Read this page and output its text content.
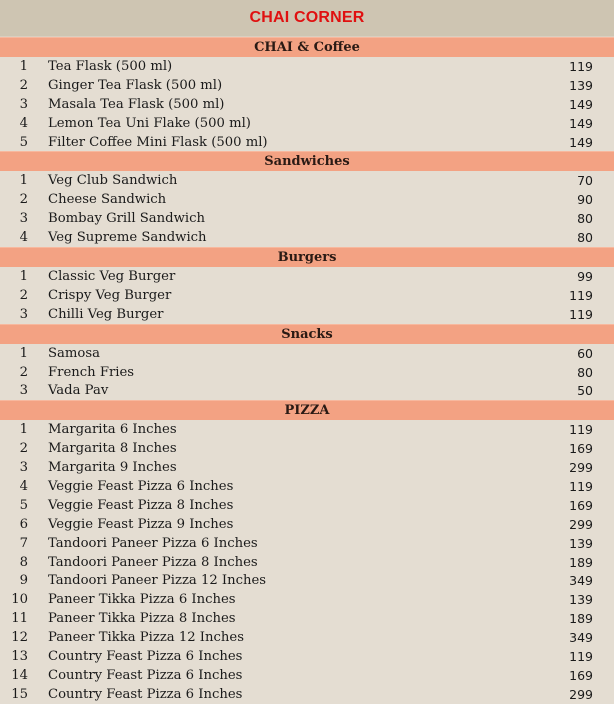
CHAI CORNER
CHAI & Coffee
1	Tea Flask (500 ml)	119
2	Ginger Tea Flask (500 ml)	139
3	Masala Tea Flask (500 ml)	149
4	Lemon Tea Uni Flake (500 ml)	149
5	Filter Coffee Mini Flask (500 ml)	149
Sandwiches
1	Veg Club Sandwich	70
2	Cheese Sandwich	90
3	Bombay Grill Sandwich	80
4	Veg Supreme Sandwich	80
Burgers
1	Classic Veg Burger	99
2	Crispy Veg Burger	119
3	Chilli Veg Burger	119
Snacks
1	Samosa	60
2	French Fries	80
3	Vada Pav	50
PIZZA
1	Margarita 6 Inches	119
2	Margarita 8 Inches	169
3	Margarita 9 Inches	299
4	Veggie Feast Pizza 6 Inches	119
5	Veggie Feast Pizza 8 Inches	169
6	Veggie Feast Pizza 9 Inches	299
7	Tandoori Paneer Pizza 6 Inches	139
8	Tandoori Paneer Pizza 8 Inches	189
9	Tandoori Paneer Pizza 12 Inches	349
10	Paneer Tikka Pizza 6 Inches	139
11	Paneer Tikka Pizza 8 Inches	189
12	Paneer Tikka Pizza 12 Inches	349
13	Country Feast Pizza 6 Inches	119
14	Country Feast Pizza 6 Inches	169
15	Country Feast Pizza 6 Inches	299
